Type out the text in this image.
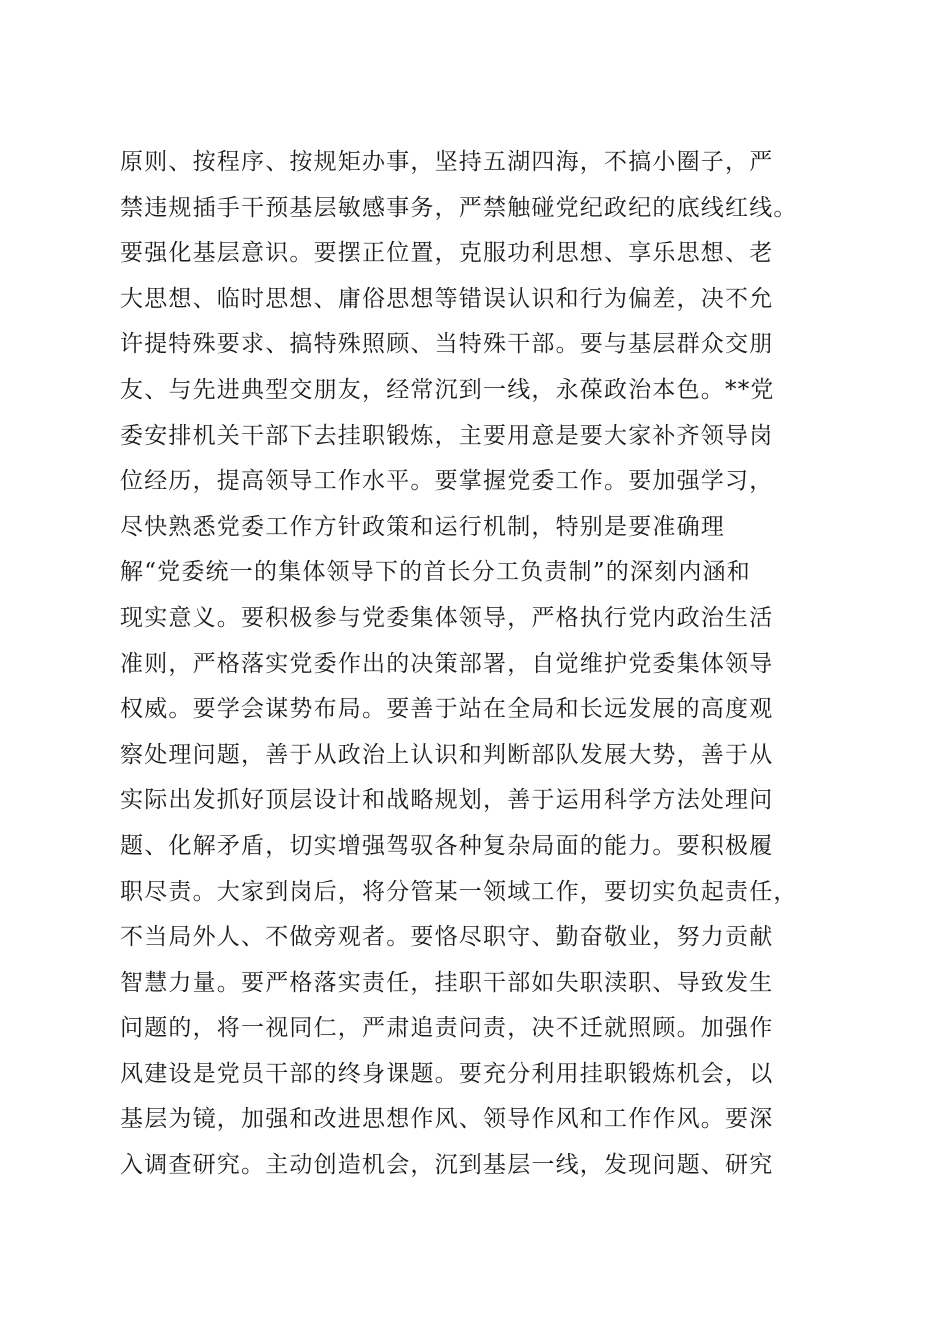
原则、按程序、按规矩办事，坚持五湖四海，不搞小圈子，严
禁违规插手干预基层敏感事务，严禁触碰党纪政纪的底线红线。
要强化基层意识。要摆正位置，克服功利思想、享乐思想、老
大思想、临时思想、庸俗思想等错误认识和行为偏差，决不允
许提特殊要求、搞特殊照顾、当特殊干部。要与基层群众交朋
友、与先进典型交朋友，经常沉到一线，永葆政治本色。**党
委安排机关干部下去挂职锻炼，主要用意是要大家补齐领导岗
位经历，提高领导工作水平。要掌握党委工作。要加强学习，
尽快熟悉党委工作方针政策和运行机制，特别是要准确理
解“党委统一的集体领导下的首长分工负责制”的深刻内涵和
现实意义。要积极参与党委集体领导，严格执行党内政治生活
准则，严格落实党委作出的决策部署，自觉维护党委集体领导
权威。要学会谋势布局。要善于站在全局和长远发展的高度观
察处理问题，善于从政治上认识和判断部队发展大势，善于从
实际出发抓好顶层设计和战略规划，善于运用科学方法处理问
题、化解矛盾，切实增强驾驭各种复杂局面的能力。要积极履
职尽责。大家到岗后，将分管某一领域工作，要切实负起责任，
不当局外人、不做旁观者。要恪尽职守、勤奋敬业，努力贡献
智慧力量。要严格落实责任，挂职干部如失职渎职、导致发生
问题的，将一视同仁，严肃追责问责，决不迁就照顾。加强作
风建设是党员干部的终身课题。要充分利用挂职锻炼机会，以
基层为镜，加强和改进思想作风、领导作风和工作作风。要深
入调查研究。主动创造机会，沉到基层一线，发现问题、研究
